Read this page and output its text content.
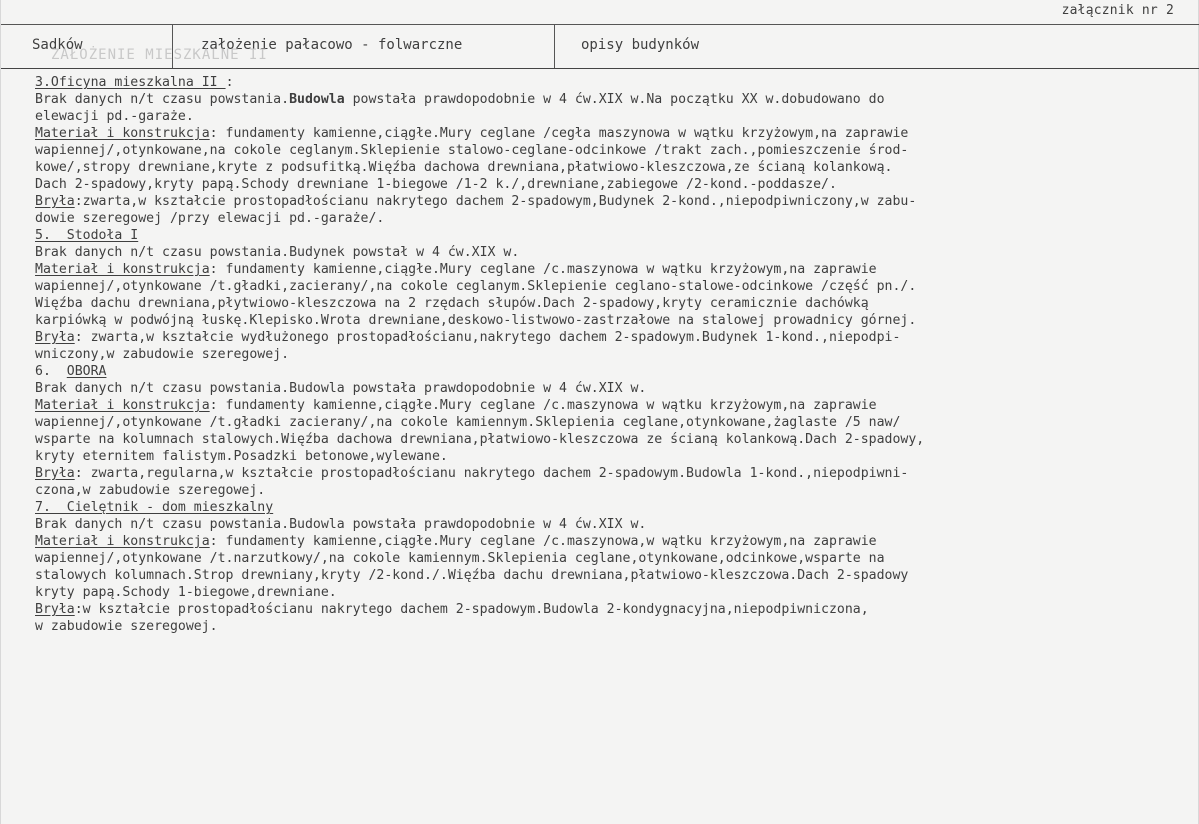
załącznik nr 2
Sadków	założenie pałacowo - folwarczne	opisy budynków
ZAŁOŻENIE MIESZKALNE II
3.Oficyna mieszkalna II :
Brak danych n/t czasu powstania.Budowla powstała prawdopodobnie w 4 ćw.XIX w.Na początku XX w.dobudowano do
elewacji pd.-garaże.
Materiał i konstrukcja: fundamenty kamienne,ciągłe.Mury ceglane /cegła maszynowa w wątku krzyżowym,na zaprawie
wapiennej/,otynkowane,na cokole ceglanym.Sklepienie stalowo-ceglane-odcinkowe /trakt zach.,pomieszczenie środ-
kowe/,stropy drewniane,kryte z podsufitką.Więźba dachowa drewniana,płatwiowo-kleszczowa,ze ścianą kolankową.
Dach 2-spadowy,kryty papą.Schody drewniane 1-biegowe /1-2 k./,drewniane,zabiegowe /2-kond.-poddasze/.
Bryła:zwarta,w kształcie prostopadłościanu nakrytego dachem 2-spadowym,Budynek 2-kond.,niepodpiwniczony,w zabu-
dowie szeregowej /przy elewacji pd.-garaże/.
5.  Stodoła I
Brak danych n/t czasu powstania.Budynek powstał w 4 ćw.XIX w.
Materiał i konstrukcja: fundamenty kamienne,ciągłe.Mury ceglane /c.maszynowa w wątku krzyżowym,na zaprawie
wapiennej/,otynkowane /t.gładki,zacierany/,na cokole ceglanym.Sklepienie ceglano-stalowe-odcinkowe /część pn./.
Więźba dachu drewniana,płytwiowo-kleszczowa na 2 rzędach słupów.Dach 2-spadowy,kryty ceramicznie dachówką
karpiówką w podwójną łuskę.Klepisko.Wrota drewniane,deskowo-listwowo-zastrzałowe na stalowej prowadnicy górnej.
Bryła: zwarta,w kształcie wydłużonego prostopadłościanu,nakrytego dachem 2-spadowym.Budynek 1-kond.,niepodpi-
wniczony,w zabudowie szeregowej.
6.  OBORA
Brak danych n/t czasu powstania.Budowla powstała prawdopodobnie w 4 ćw.XIX w.
Materiał i konstrukcja: fundamenty kamienne,ciągłe.Mury ceglane /c.maszynowa w wątku krzyżowym,na zaprawie
wapiennej/,otynkowane /t.gładki zacierany/,na cokole kamiennym.Sklepienia ceglane,otynkowane,żaglaste /5 naw/
wsparte na kolumnach stalowych.Więźba dachowa drewniana,płatwiowo-kleszczowa ze ścianą kolankową.Dach 2-spadowy,
kryty eternitem falistym.Posadzki betonowe,wylewane.
Bryła: zwarta,regularna,w kształcie prostopadłościanu nakrytego dachem 2-spadowym.Budowla 1-kond.,niepodpiwni-
czona,w zabudowie szeregowej.
7.  Cielętnik - dom mieszkalny
Brak danych n/t czasu powstania.Budowla powstała prawdopodobnie w 4 ćw.XIX w.
Materiał i konstrukcja: fundamenty kamienne,ciągłe.Mury ceglane /c.maszynowa,w wątku krzyżowym,na zaprawie
wapiennej/,otynkowane /t.narzutkowy/,na cokole kamiennym.Sklepienia ceglane,otynkowane,odcinkowe,wsparte na
stalowych kolumnach.Strop drewniany,kryty /2-kond./.Więźba dachu drewniana,płatwiowo-kleszczowa.Dach 2-spadowy
kryty papą.Schody 1-biegowe,drewniane.
Bryła:w kształcie prostopadłościanu nakrytego dachem 2-spadowym.Budowla 2-kondygnacyjna,niepodpiwniczona,
w zabudowie szeregowej.
